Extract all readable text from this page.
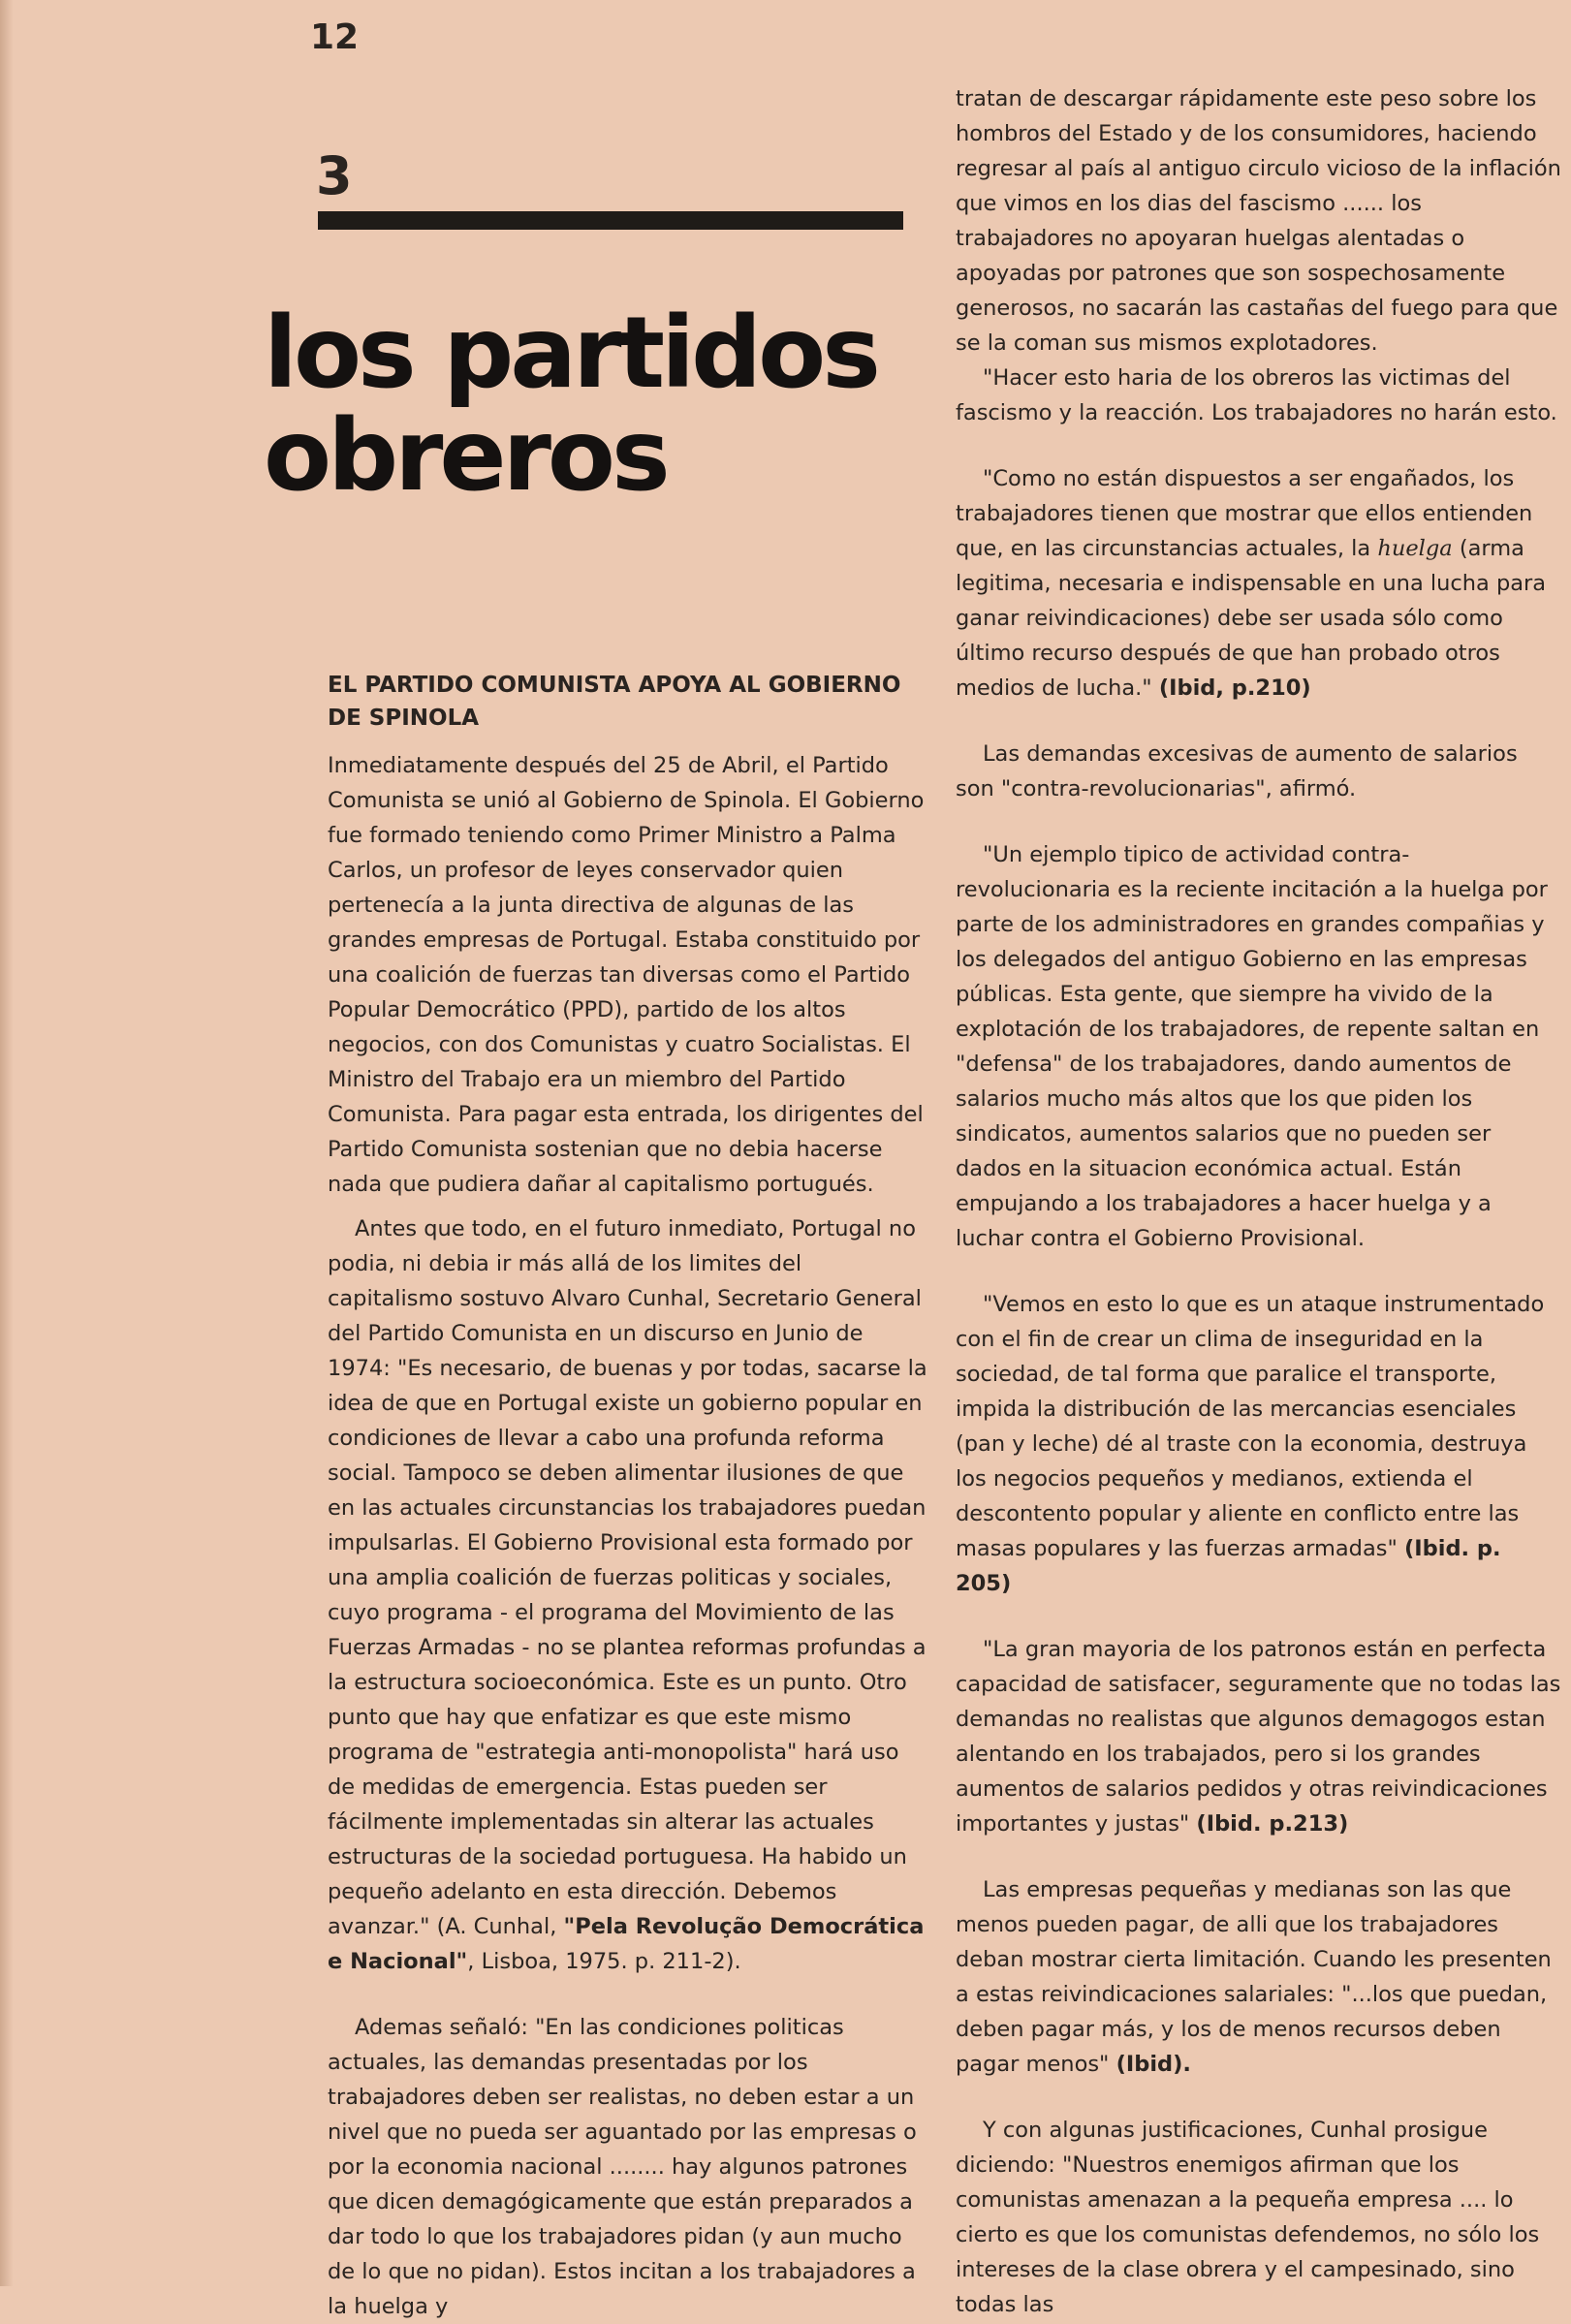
12
3
los partidos
obreros

EL PARTIDO COMUNISTA APOYA AL GOBIERNO DE SPINOLA

Inmediatamente después del 25 de Abril, el Partido Comunista se unió al Gobierno de Spinola. El Gobierno fue formado teniendo como Primer Ministro a Palma Carlos, un profesor de leyes conservador quien pertenecía a la junta directiva de algunas de las grandes empresas de Portugal. Estaba constituido por una coalición de fuerzas tan diversas como el Partido Popular Democrático (PPD), partido de los altos negocios, con dos Comunistas y cuatro Socialistas. El Ministro del Trabajo era un miembro del Partido Comunista. Para pagar esta entrada, los dirigentes del Partido Comunista sostenian que no debia hacerse nada que pudiera dañar al capitalismo portugués.

Antes que todo, en el futuro inmediato, Portugal no podia, ni debia ir más allá de los limites del capitalismo sostuvo Alvaro Cunhal, Secretario General del Partido Comunista en un discurso en Junio de 1974: "Es necesario, de buenas y por todas, sacarse la idea de que en Portugal existe un gobierno popular en condiciones de llevar a cabo una profunda reforma social. Tampoco se deben alimentar ilusiones de que en las actuales circunstancias los trabajadores puedan impulsarlas. El Gobierno Provisional esta formado por una amplia coalición de fuerzas politicas y sociales, cuyo programa - el programa del Movimiento de las Fuerzas Armadas - no se plantea reformas profundas a la estructura socioeconómica. Este es un punto. Otro punto que hay que enfatizar es que este mismo programa de "estrategia anti-monopolista" hará uso de medidas de emergencia. Estas pueden ser fácilmente implementadas sin alterar las actuales estructuras de la sociedad portuguesa. Ha habido un pequeño adelanto en esta dirección. Debemos avanzar." (A. Cunhal, "Pela Revolução Democrática e Nacional", Lisboa, 1975. p. 211-2).

Ademas señaló: "En las condiciones politicas actuales, las demandas presentadas por los trabajadores deben ser realistas, no deben estar a un nivel que no pueda ser aguantado por las empresas o por la economia nacional ........ hay algunos patrones que dicen demagógicamente que están preparados a dar todo lo que los trabajadores pidan (y aun mucho de lo que no pidan). Estos incitan a los trabajadores a la huelga y

tratan de descargar rápidamente este peso sobre los hombros del Estado y de los consumidores, haciendo regresar al país al antiguo circulo vicioso de la inflación que vimos en los dias del fascismo ...... los trabajadores no apoyaran huelgas alentadas o apoyadas por patrones que son sospechosamente generosos, no sacarán las castañas del fuego para que se la coman sus mismos explotadores.

"Hacer esto haria de los obreros las victimas del fascismo y la reacción. Los trabajadores no harán esto.

"Como no están dispuestos a ser engañados, los trabajadores tienen que mostrar que ellos entienden que, en las circunstancias actuales, la huelga (arma legitima, necesaria e indispensable en una lucha para ganar reivindicaciones) debe ser usada sólo como último recurso después de que han probado otros medios de lucha." (Ibid, p.210)

Las demandas excesivas de aumento de salarios son "contra-revolucionarias", afirmó.

"Un ejemplo tipico de actividad contra-revolucionaria es la reciente incitación a la huelga por parte de los administradores en grandes compañias y los delegados del antiguo Gobierno en las empresas públicas. Esta gente, que siempre ha vivido de la explotación de los trabajadores, de repente saltan en "defensa" de los trabajadores, dando aumentos de salarios mucho más altos que los que piden los sindicatos, aumentos salarios que no pueden ser dados en la situacion económica actual. Están empujando a los trabajadores a hacer huelga y a luchar contra el Gobierno Provisional.

"Vemos en esto lo que es un ataque instrumentado con el fin de crear un clima de inseguridad en la sociedad, de tal forma que paralice el transporte, impida la distribución de las mercancias esenciales (pan y leche) dé al traste con la economia, destruya los negocios pequeños y medianos, extienda el descontento popular y aliente en conflicto entre las masas populares y las fuerzas armadas" (Ibid. p. 205)

"La gran mayoria de los patronos están en perfecta capacidad de satisfacer, seguramente que no todas las demandas no realistas que algunos demagogos estan alentando en los trabajados, pero si los grandes aumentos de salarios pedidos y otras reivindicaciones importantes y justas" (Ibid. p.213)

Las empresas pequeñas y medianas son las que menos pueden pagar, de alli que los trabajadores deban mostrar cierta limitación. Cuando les presenten a estas reivindicaciones salariales: "...los que puedan, deben pagar más, y los de menos recursos deben pagar menos" (Ibid).

Y con algunas justificaciones, Cunhal prosigue diciendo: "Nuestros enemigos afirman que los comunistas amenazan a la pequeña empresa .... lo cierto es que los comunistas defendemos, no sólo los intereses de la clase obrera y el campesinado, sino todas las
